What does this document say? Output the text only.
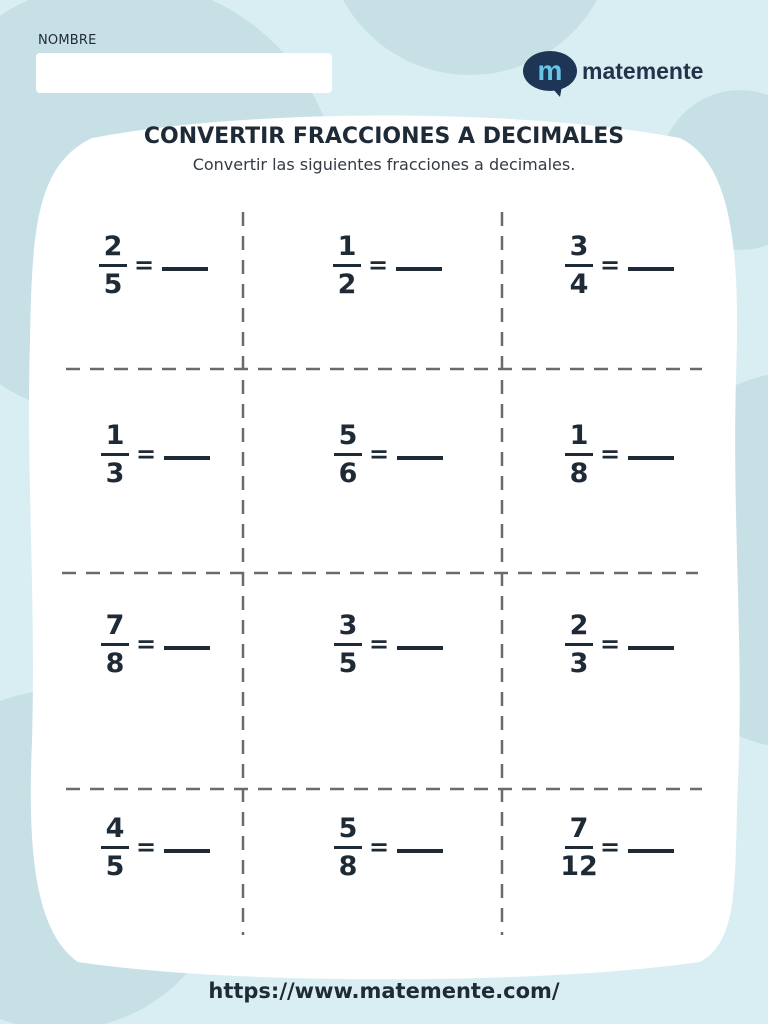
NOMBRE
m matemente
CONVERTIR FRACCIONES A DECIMALES
Convertir las siguientes fracciones a decimales.
2
5
=
1
2
=
3
4
=
1
3
=
5
6
=
1
8
=
7
8
=
3
5
=
2
3
=
4
5
=
5
8
=
7
12
=
https://www.matemente.com/
